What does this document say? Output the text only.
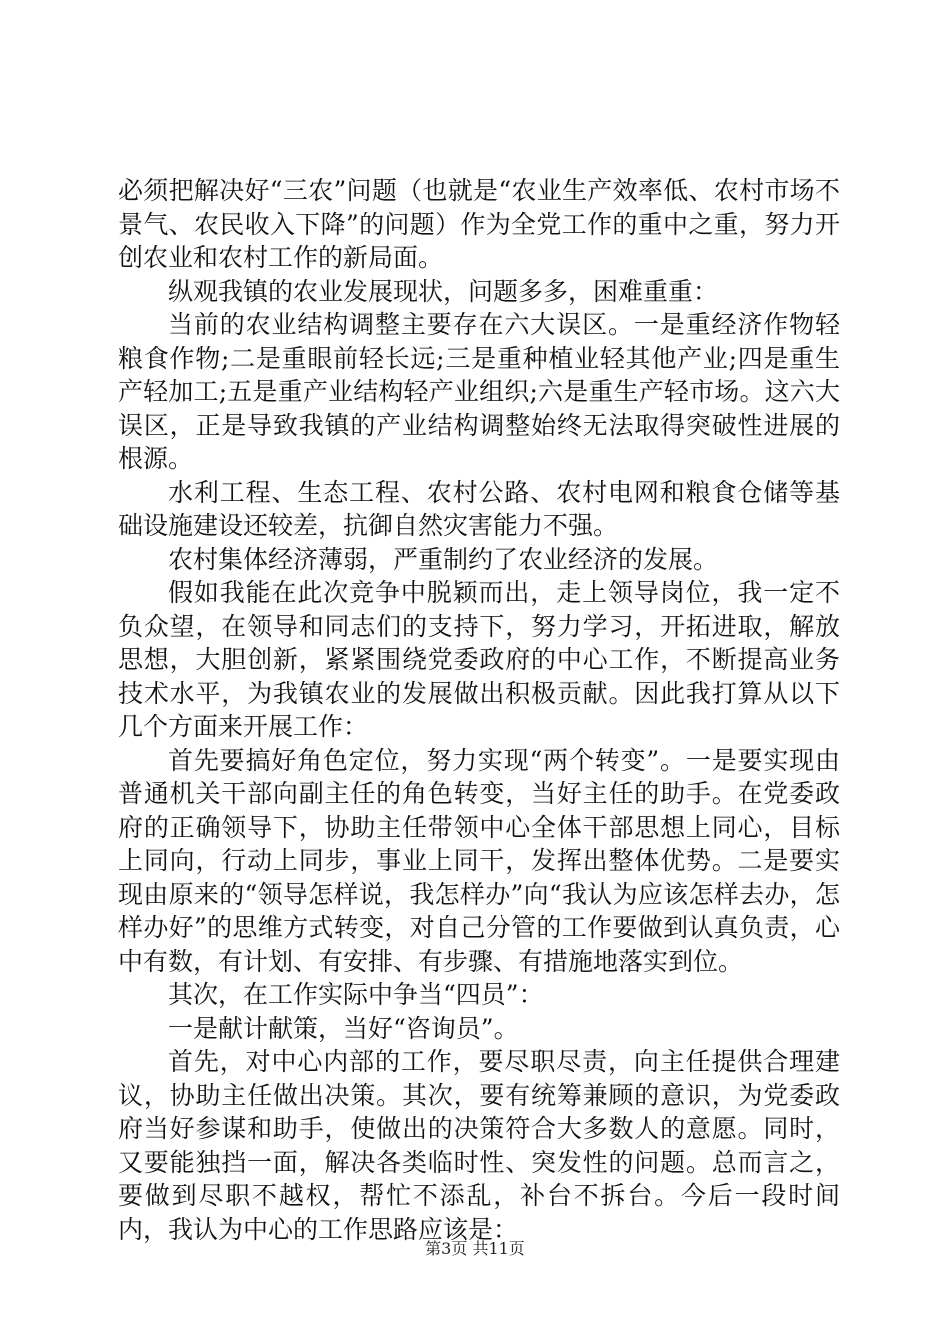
必须把解决好“三农”问题（也就是“农业生产效率低、农村市场不景气、农民收入下降”的问题）作为全党工作的重中之重，努力开创农业和农村工作的新局面。

纵观我镇的农业发展现状，问题多多，困难重重：

当前的农业结构调整主要存在六大误区。一是重经济作物轻粮食作物;二是重眼前轻长远;三是重种植业轻其他产业;四是重生产轻加工;五是重产业结构轻产业组织;六是重生产轻市场。这六大误区，正是导致我镇的产业结构调整始终无法取得突破性进展的根源。

水利工程、生态工程、农村公路、农村电网和粮食仓储等基础设施建设还较差，抗御自然灾害能力不强。

农村集体经济薄弱，严重制约了农业经济的发展。

假如我能在此次竞争中脱颖而出，走上领导岗位，我一定不负众望，在领导和同志们的支持下，努力学习，开拓进取，解放思想，大胆创新，紧紧围绕党委政府的中心工作，不断提高业务技术水平，为我镇农业的发展做出积极贡献。因此我打算从以下几个方面来开展工作：

首先要搞好角色定位，努力实现“两个转变”。一是要实现由普通机关干部向副主任的角色转变，当好主任的助手。在党委政府的正确领导下，协助主任带领中心全体干部思想上同心，目标上同向，行动上同步，事业上同干，发挥出整体优势。二是要实现由原来的“领导怎样说，我怎样办”向“我认为应该怎样去办，怎样办好”的思维方式转变，对自己分管的工作要做到认真负责，心中有数，有计划、有安排、有步骤、有措施地落实到位。

其次，在工作实际中争当“四员”：

一是献计献策，当好“咨询员”。

首先，对中心内部的工作，要尽职尽责，向主任提供合理建议，协助主任做出决策。其次，要有统筹兼顾的意识，为党委政府当好参谋和助手，使做出的决策符合大多数人的意愿。同时，又要能独挡一面，解决各类临时性、突发性的问题。总而言之，要做到尽职不越权，帮忙不添乱，补台不拆台。今后一段时间内，我认为中心的工作思路应该是：

第3页 共11页
